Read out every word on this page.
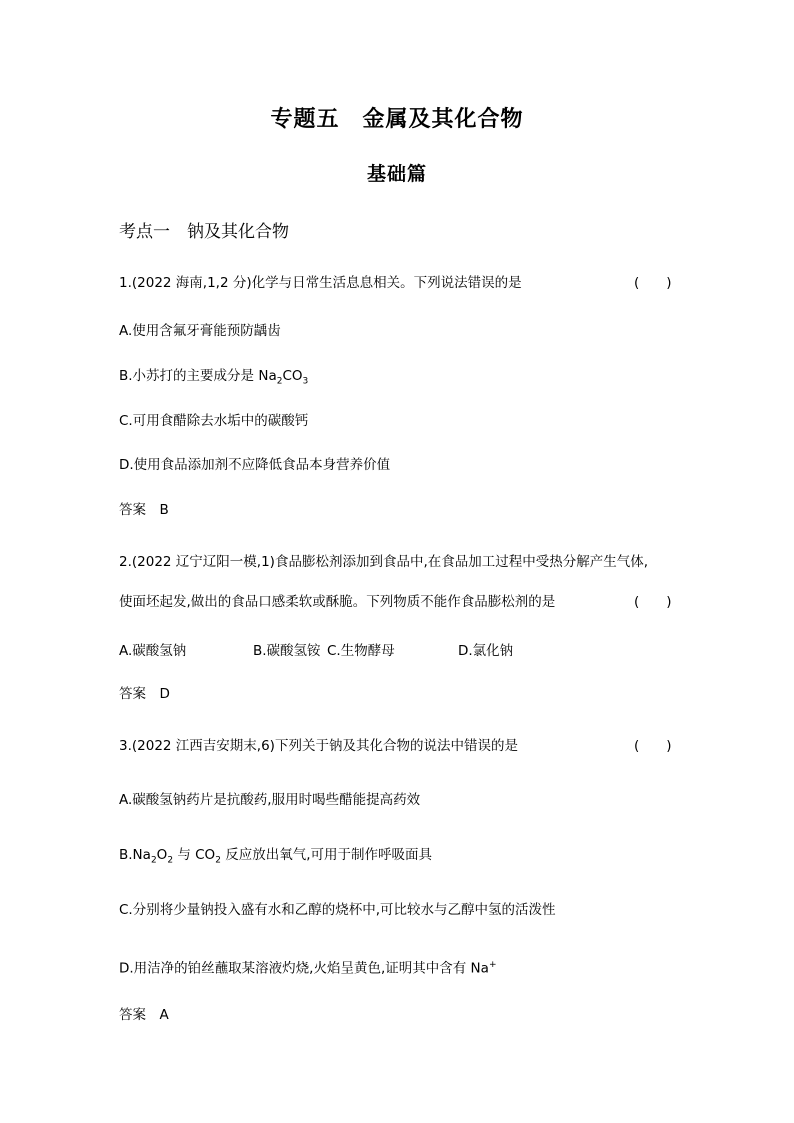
专题五　金属及其化合物
基础篇
考点一　钠及其化合物
1.(2022 海南,1,2 分)化学与日常生活息息相关。下列说法错误的是	(　　)
A.使用含氟牙膏能预防龋齿
B.小苏打的主要成分是 $Na_2CO_3$
C.可用食醋除去水垢中的碳酸钙
D.使用食品添加剂不应降低食品本身营养价值
答案　B
2.(2022 辽宁辽阳一模,1)食品膨松剂添加到食品中,在食品加工过程中受热分解产生气体,
使面坯起发,做出的食品口感柔软或酥脆。下列物质不能作食品膨松剂的是	(　　)
A.碳酸氢钠	B.碳酸氢铵 C.生物酵母	D.氯化钠
答案　D
3.(2022 江西吉安期末,6)下列关于钠及其化合物的说法中错误的是	(　　)
A.碳酸氢钠药片是抗酸药,服用时喝些醋能提高药效
$B.Na_2O_2$ 与 $CO_2$ 反应放出氧气,可用于制作呼吸面具
C.分别将少量钠投入盛有水和乙醇的烧杯中,可比较水与乙醇中氢的活泼性
D.用洁净的铂丝蘸取某溶液灼烧,火焰呈黄色,证明其中含有 Na+
答案　A
